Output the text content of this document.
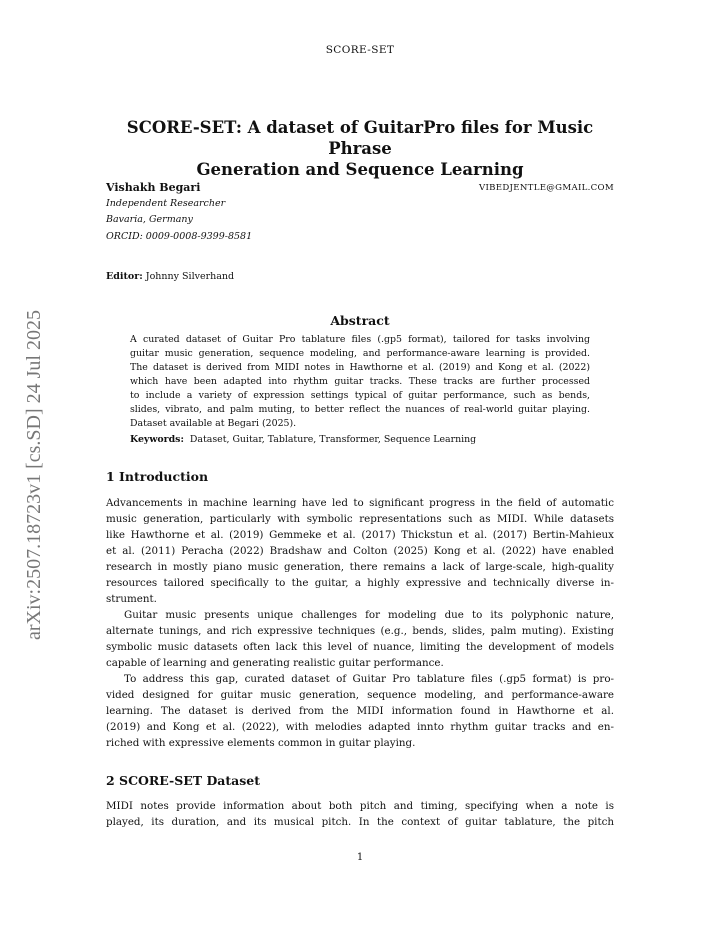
SCORE-SET
arXiv:2507.18723v1 [cs.SD] 24 Jul 2025
SCORE-SET: A dataset of GuitarPro files for Music Phrase
Generation and Sequence Learning
Vishakh Begari	VIBEDJENTLE@GMAIL.COM
Independent Researcher
Bavaria, Germany
ORCID: 0009-0008-9399-8581
Editor: Johnny Silverhand
Abstract
A curated dataset of Guitar Pro tablature files (.gp5 format), tailored for tasks involving
guitar music generation, sequence modeling, and performance-aware learning is provided.
The dataset is derived from MIDI notes in Hawthorne et al. (2019) and Kong et al. (2022)
which have been adapted into rhythm guitar tracks. These tracks are further processed
to include a variety of expression settings typical of guitar performance, such as bends,
slides, vibrato, and palm muting, to better reflect the nuances of real-world guitar playing.
Dataset available at Begari (2025).
Keywords: Dataset, Guitar, Tablature, Transformer, Sequence Learning
1 Introduction
Advancements in machine learning have led to significant progress in the field of automatic
music generation, particularly with symbolic representations such as MIDI. While datasets
like Hawthorne et al. (2019) Gemmeke et al. (2017) Thickstun et al. (2017) Bertin-Mahieux
et al. (2011) Peracha (2022) Bradshaw and Colton (2025) Kong et al. (2022) have enabled
research in mostly piano music generation, there remains a lack of large-scale, high-quality
resources tailored specifically to the guitar, a highly expressive and technically diverse in-
strument.
Guitar music presents unique challenges for modeling due to its polyphonic nature,
alternate tunings, and rich expressive techniques (e.g., bends, slides, palm muting). Existing
symbolic music datasets often lack this level of nuance, limiting the development of models
capable of learning and generating realistic guitar performance.
To address this gap, curated dataset of Guitar Pro tablature files (.gp5 format) is pro-
vided designed for guitar music generation, sequence modeling, and performance-aware
learning. The dataset is derived from the MIDI information found in Hawthorne et al.
(2019) and Kong et al. (2022), with melodies adapted innto rhythm guitar tracks and en-
riched with expressive elements common in guitar playing.
2 SCORE-SET Dataset
MIDI notes provide information about both pitch and timing, specifying when a note is
played, its duration, and its musical pitch. In the context of guitar tablature, the pitch
1
